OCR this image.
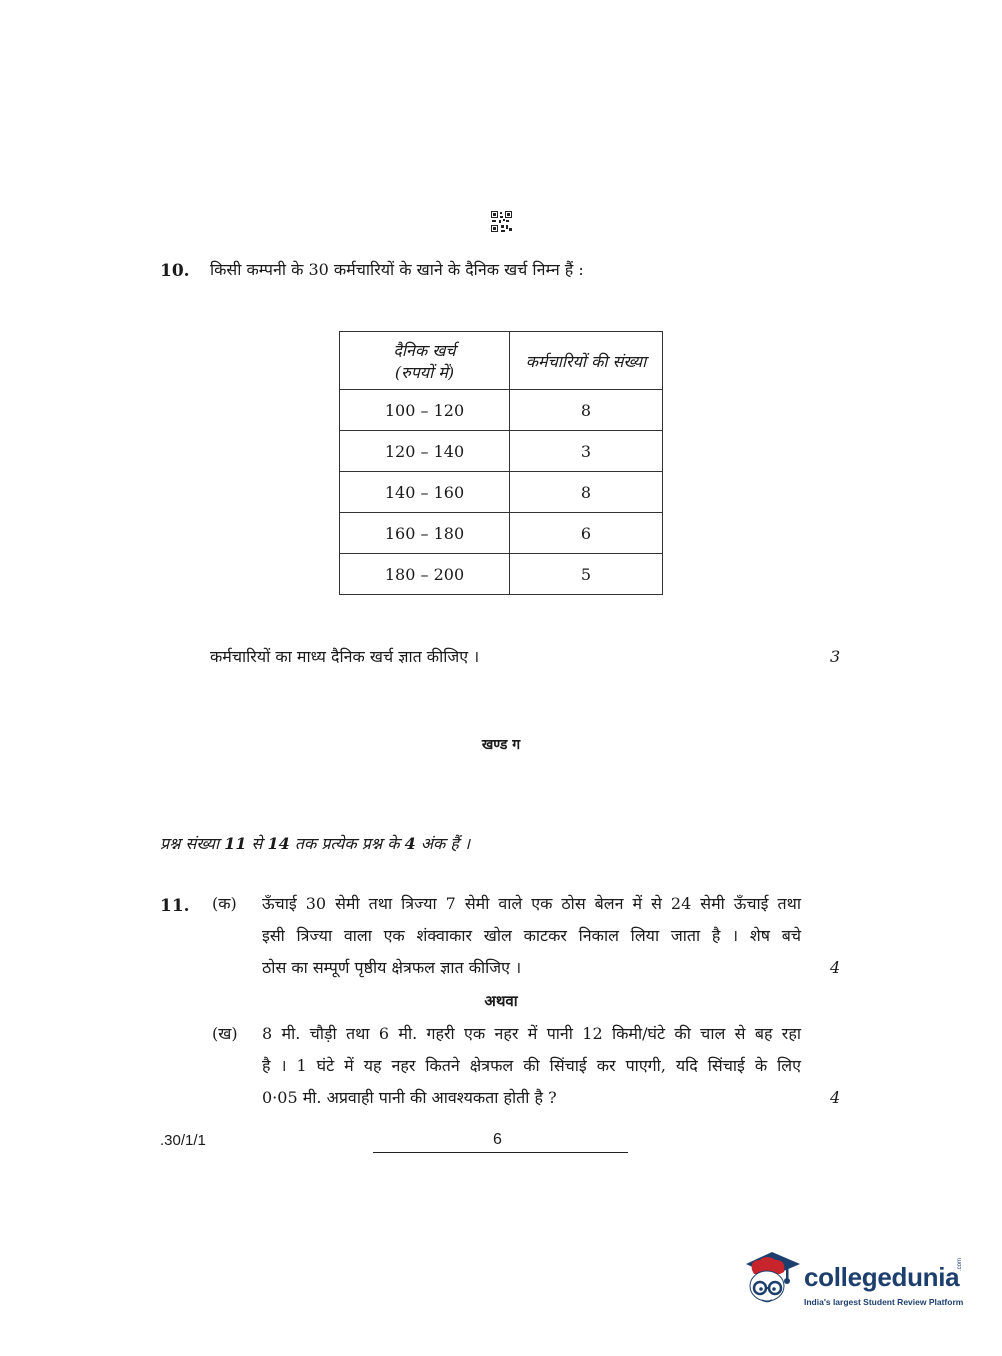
10. किसी कम्पनी के 30 कर्मचारियों के खाने के दैनिक खर्च निम्न हैं :
दैनिक खर्च
(रुपयों में)	कर्मचारियों की संख्या
100 – 120	8
120 – 140	3
140 – 160	8
160 – 180	6
180 – 200	5
कर्मचारियों का माध्य दैनिक खर्च ज्ञात कीजिए ।	3
खण्ड ग
प्रश्न संख्या 11 से 14 तक प्रत्येक प्रश्न के 4 अंक हैं ।
11. (क) ऊँचाई 30 सेमी तथा त्रिज्या 7 सेमी वाले एक ठोस बेलन में से 24 सेमी ऊँचाई तथा
इसी त्रिज्या वाला एक शंक्वाकार खोल काटकर निकाल लिया जाता है । शेष बचे
ठोस का सम्पूर्ण पृष्ठीय क्षेत्रफल ज्ञात कीजिए ।	4
अथवा
(ख) 8 मी. चौड़ी तथा 6 मी. गहरी एक नहर में पानी 12 किमी/घंटे की चाल से बह रहा
है । 1 घंटे में यह नहर कितने क्षेत्रफल की सिंचाई कर पाएगी, यदि सिंचाई के लिए
0·05 मी. अप्रवाही पानी की आवश्यकता होती है ?	4
.30/1/1	6
collegedunia
.com
India's largest Student Review Platform
